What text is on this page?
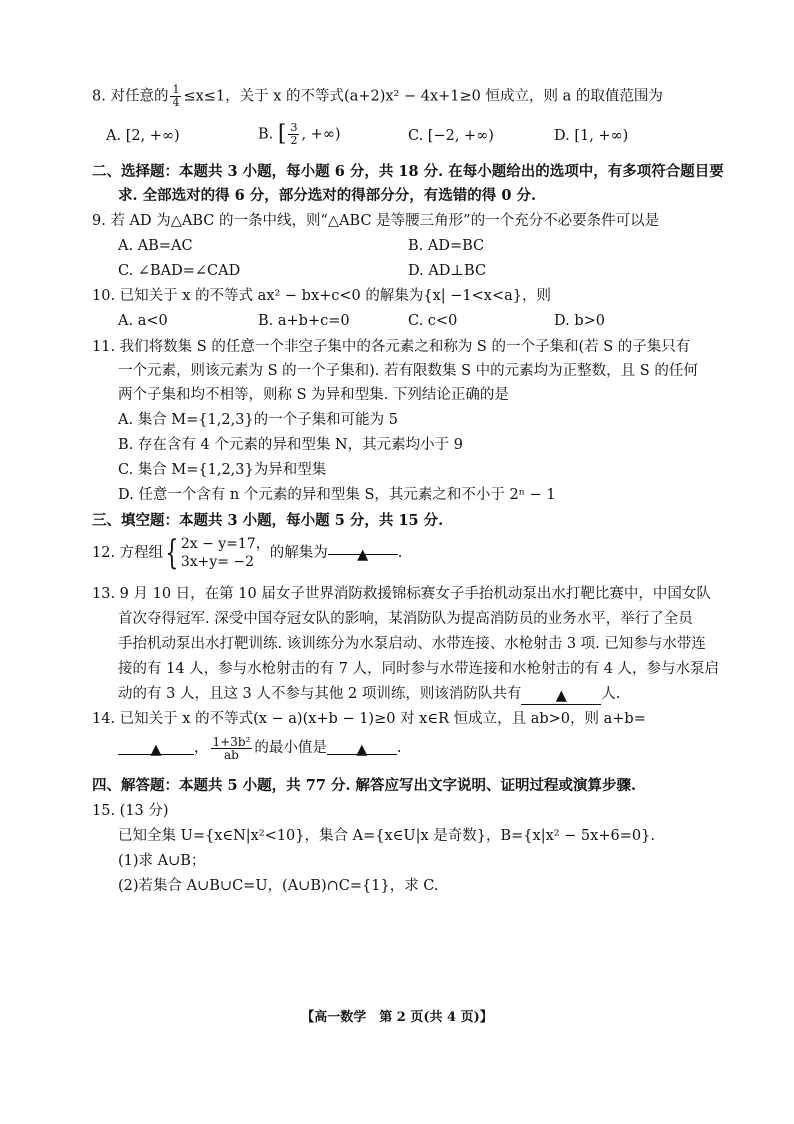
8. 对任意的 $\frac{1}{4} \le x\le 1$，关于 x 的不等式(a+2)x² − 4x+1≥0 恒成立，则 a 的取值范围为
A. [2, +∞)	B. [ $\frac{3}{2}$ , +∞)	C. [−2, +∞)	D. [1, +∞)
二、选择题：本题共 3 小题，每小题 6 分，共 18 分. 在每小题给出的选项中，有多项符合题目要
求. 全部选对的得 6 分，部分选对的得部分分，有选错的得 0 分.
9. 若 AD 为△ABC 的一条中线，则“△ABC 是等腰三角形”的一个充分不必要条件可以是
A. AB=AC	B. AD=BC
C. ∠BAD=∠CAD	D. AD⊥BC
10. 已知关于 x 的不等式 ax² − bx+c<0 的解集为{x| −1<x<a}，则
A. a<0	B. a+b+c=0	C. c<0	D. b>0
11. 我们将数集 S 的任意一个非空子集中的各元素之和称为 S 的一个子集和(若 S 的子集只有
一个元素，则该元素为 S 的一个子集和). 若有限数集 S 中的元素均为正整数，且 S 的任何
两个子集和均不相等，则称 S 为异和型集. 下列结论正确的是
A. 集合 M={1,2,3}的一个子集和可能为 5
B. 存在含有 4 个元素的异和型集 N，其元素均小于 9
C. 集合 M={1,2,3}为异和型集
D. 任意一个含有 n 个元素的异和型集 S，其元素之和不小于 2ⁿ − 1
三、填空题：本题共 3 小题，每小题 5 分，共 15 分.
12. 方程组{ 2x − y=17，
3x+y= −2
的解集为 ▲ .
13. 9 月 10 日，在第 10 届女子世界消防救援锦标赛女子手抬机动泵出水打靶比赛中，中国女队
首次夺得冠军. 深受中国夺冠女队的影响，某消防队为提高消防员的业务水平，举行了全员
手抬机动泵出水打靶训练. 该训练分为水泵启动、水带连接、水枪射击 3 项. 已知参与水带连
接的有 14 人，参与水枪射击的有 7 人，同时参与水带连接和水枪射击的有 4 人，参与水泵启
动的有 3 人，且这 3 人不参与其他 2 项训练，则该消防队共有 ▲ 人.
14. 已知关于 x 的不等式(x − a)(x+b − 1)≥0 对 x∈R 恒成立，且 ab>0，则 a+b=
▲ ， $\frac{\text{1+3b²}}{ab}$ 的最小值是 ▲ .
四、解答题：本题共 5 小题，共 77 分. 解答应写出文字说明、证明过程或演算步骤.
15. (13 分)
已知全集 U={x∈N|x²<10}，集合 A={x∈U|x 是奇数}，B={x|x² − 5x+6=0}.
(1)求 A∪B；
(2)若集合 A∪B∪C=U，(A∪B)∩C={1}，求 C.
【高一数学　第 2 页(共 4 页)】
